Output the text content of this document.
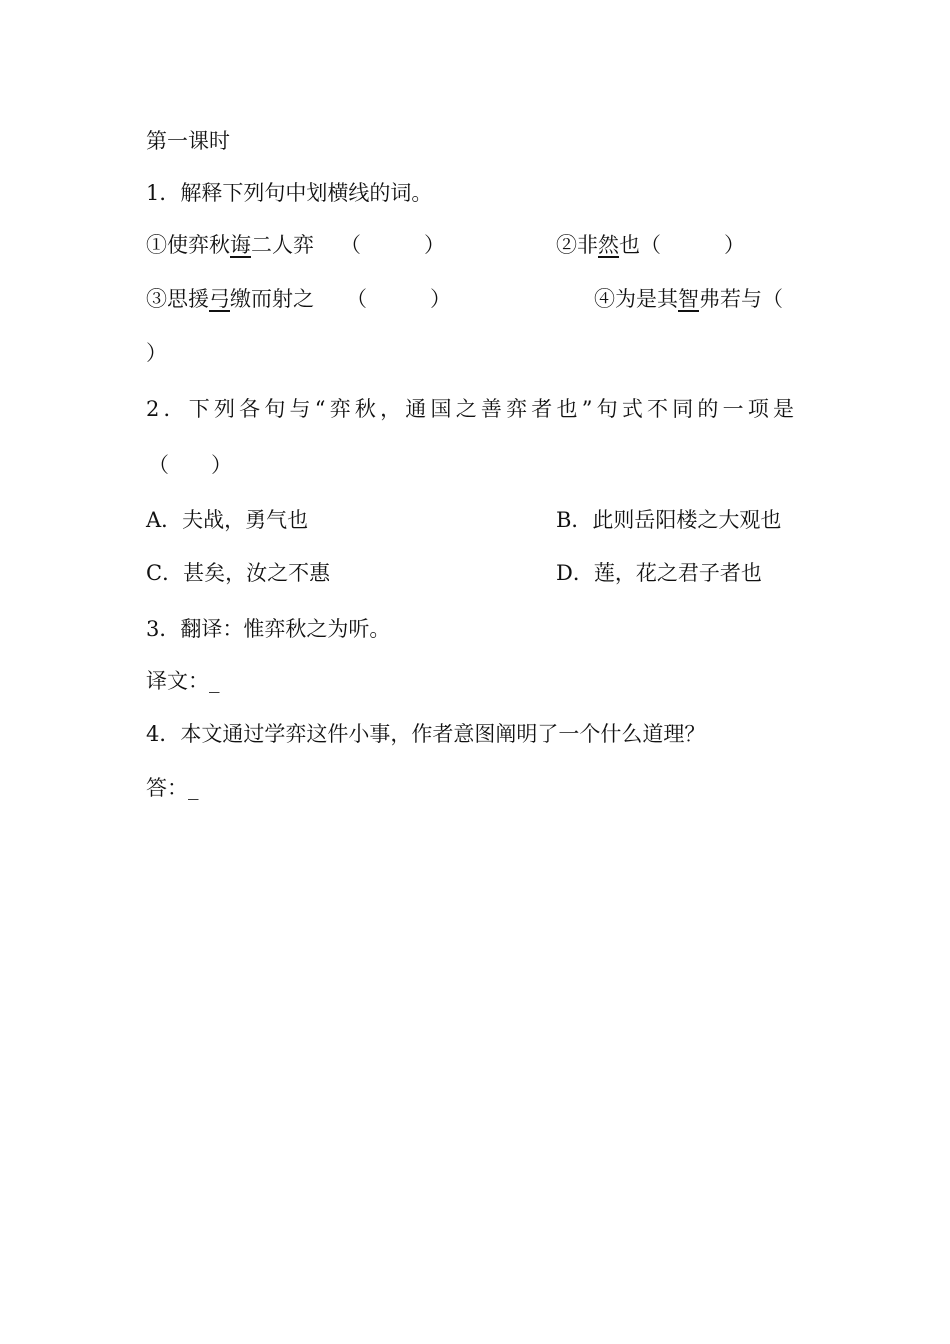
第一课时
1．解释下列句中划横线的词。
①使弈秋诲二人弈 （　　　）	②非然也（　　　）
③思援弓缴而射之 （　　　）	④为是其智弗若与（
）
2．下列各句与“弈秋，通国之善弈者也”句式不同的一项是
（　　）
A．夫战，勇气也	B．此则岳阳楼之大观也
C．甚矣，汝之不惠	D．莲，花之君子者也
3．翻译：惟弈秋之为听。
译文：_
4．本文通过学弈这件小事，作者意图阐明了一个什么道理？
答：_
